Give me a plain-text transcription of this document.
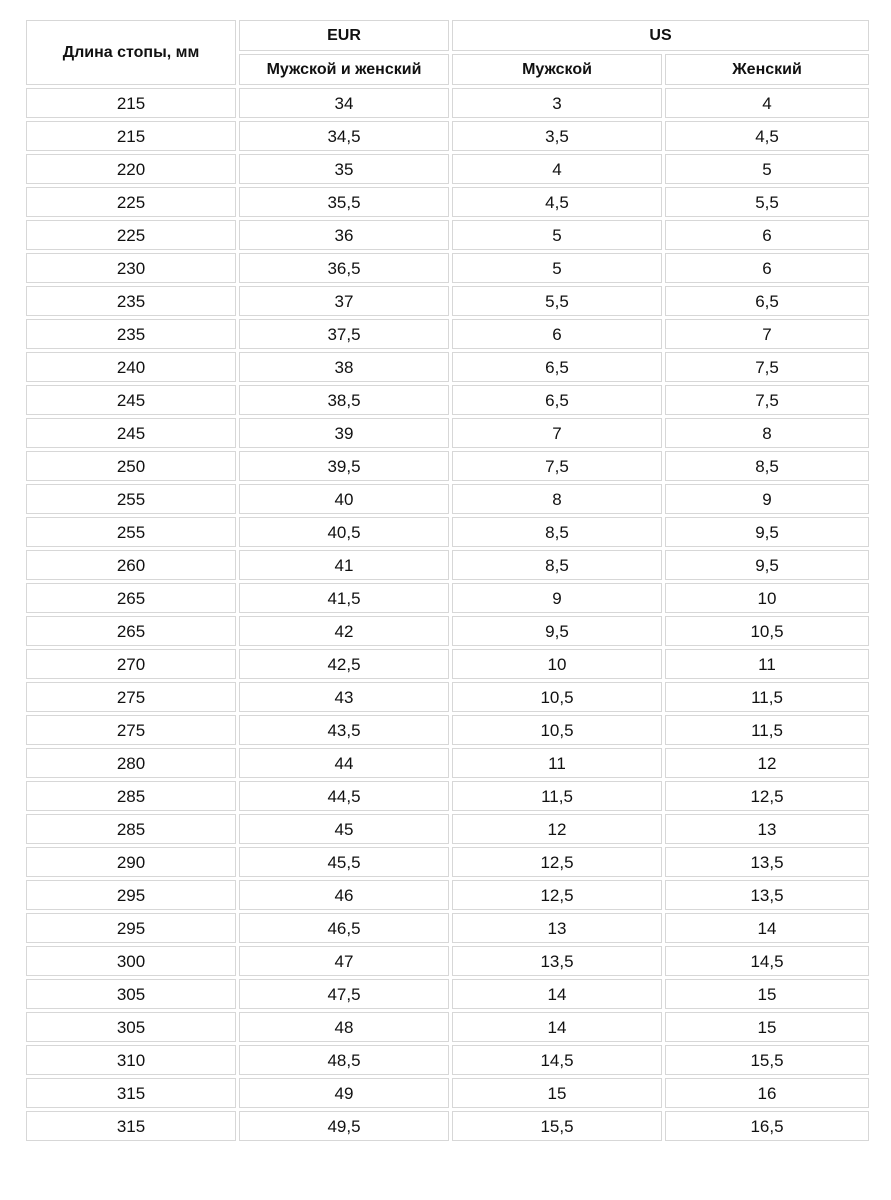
Длина стопы, мм	EUR	US	
	Мужской и женский	Мужской	Женский
215	34	3	4
215	34,5	3,5	4,5
220	35	4	5
225	35,5	4,5	5,5
225	36	5	6
230	36,5	5	6
235	37	5,5	6,5
235	37,5	6	7
240	38	6,5	7,5
245	38,5	6,5	7,5
245	39	7	8
250	39,5	7,5	8,5
255	40	8	9
255	40,5	8,5	9,5
260	41	8,5	9,5
265	41,5	9	10
265	42	9,5	10,5
270	42,5	10	11
275	43	10,5	11,5
275	43,5	10,5	11,5
280	44	11	12
285	44,5	11,5	12,5
285	45	12	13
290	45,5	12,5	13,5
295	46	12,5	13,5
295	46,5	13	14
300	47	13,5	14,5
305	47,5	14	15
305	48	14	15
310	48,5	14,5	15,5
315	49	15	16
315	49,5	15,5	16,5
